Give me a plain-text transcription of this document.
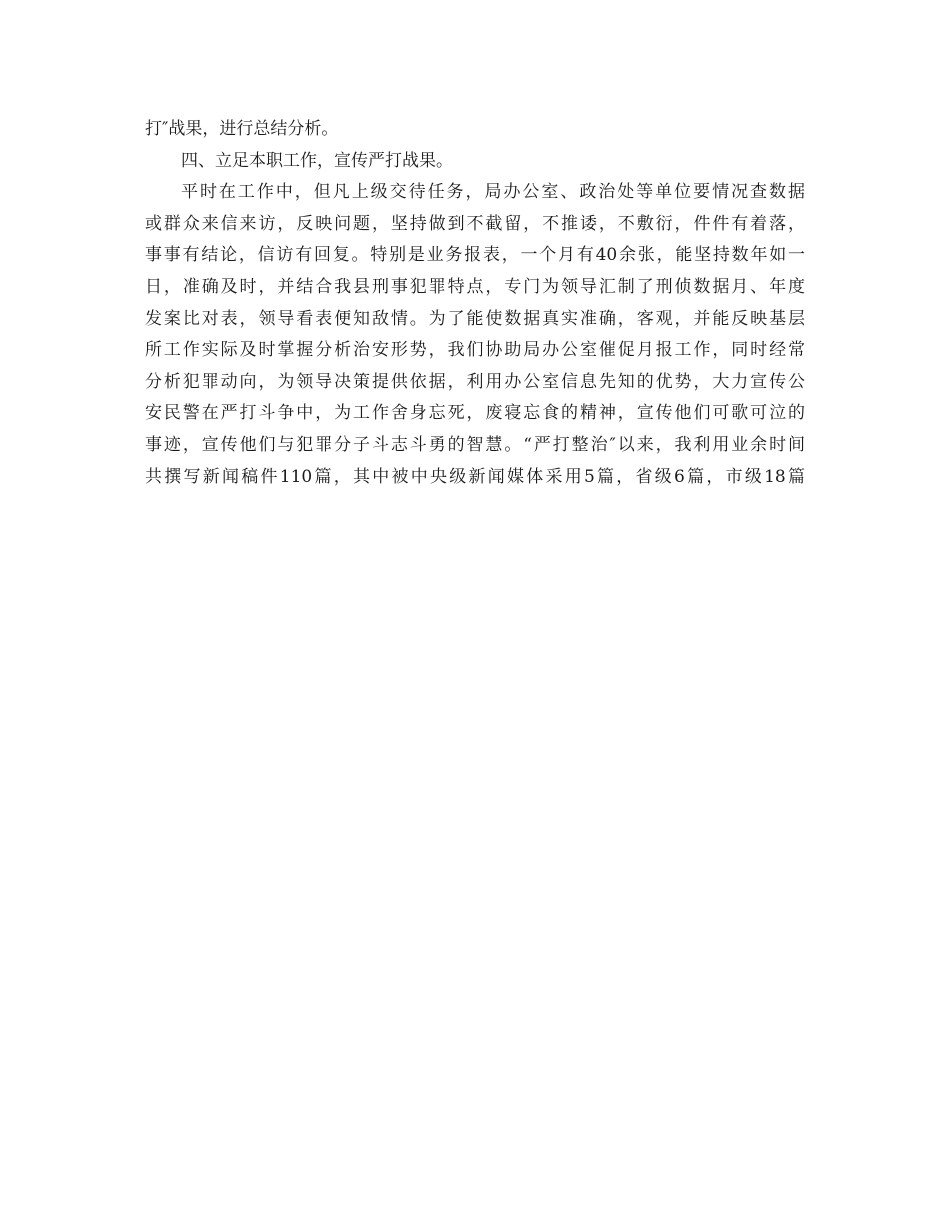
打″战果，进行总结分析。
四、立足本职工作，宣传严打战果。
平时在工作中，但凡上级交待任务，局办公室、政治处等单位要情况查数据
或群众来信来访，反映问题，坚持做到不截留，不推诿，不敷衍，件件有着落，
事事有结论，信访有回复。特别是业务报表，一个月有40余张，能坚持数年如一
日，准确及时，并结合我县刑事犯罪特点，专门为领导汇制了刑侦数据月、年度
发案比对表，领导看表便知敌情。为了能使数据真实准确，客观，并能反映基层
所工作实际及时掌握分析治安形势，我们协助局办公室催促月报工作，同时经常
分析犯罪动向，为领导决策提供依据，利用办公室信息先知的优势，大力宣传公
安民警在严打斗争中，为工作舍身忘死，废寝忘食的精神，宣传他们可歌可泣的
事迹，宣传他们与犯罪分子斗志斗勇的智慧。“严打整治″以来，我利用业余时间
共撰写新闻稿件110篇，其中被中央级新闻媒体采用5篇，省级6篇，市级18篇
